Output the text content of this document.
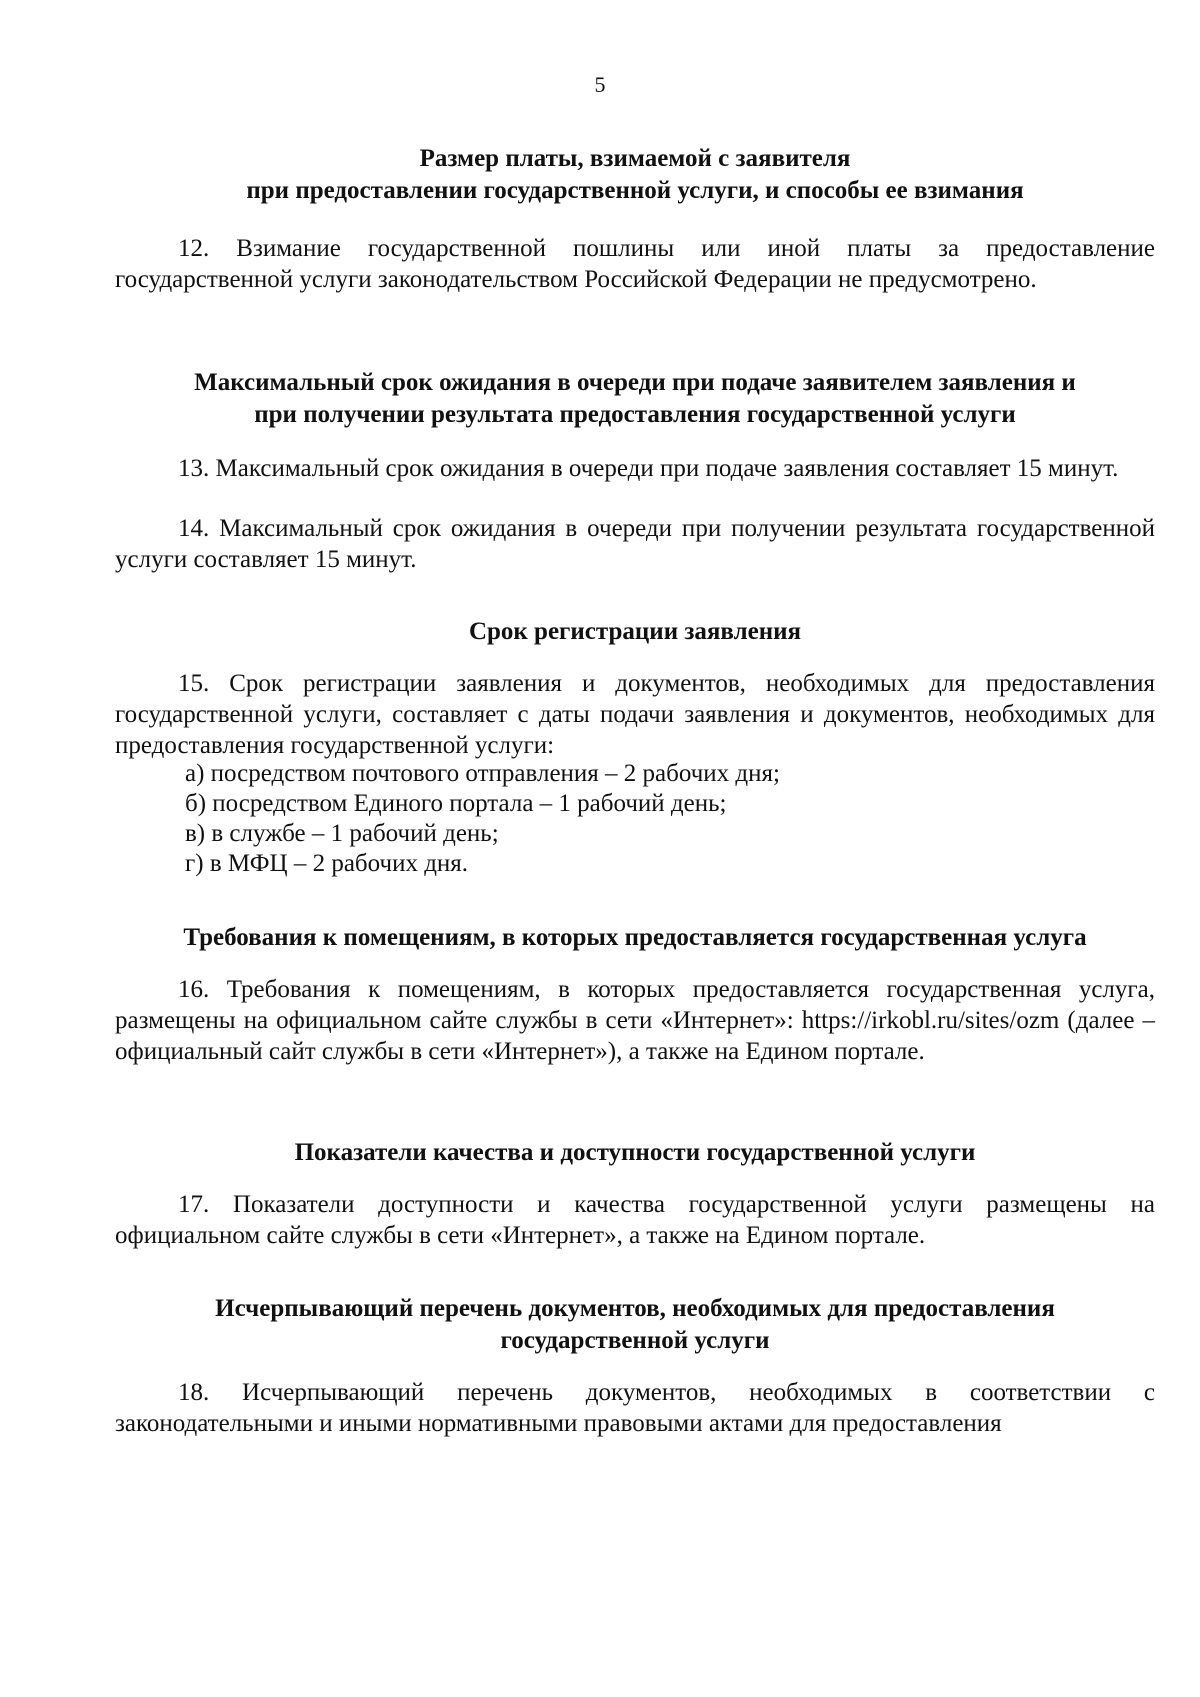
5
Размер платы, взимаемой с заявителя
при предоставлении государственной услуги, и способы ее взимания

12. Взимание государственной пошлины или иной платы за предоставление государственной услуги законодательством Российской Федерации не предусмотрено.

Максимальный срок ожидания в очереди при подаче заявителем заявления и
при получении результата предоставления государственной услуги

13. Максимальный срок ожидания в очереди при подаче заявления составляет 15 минут.

14. Максимальный срок ожидания в очереди при получении результата государственной услуги составляет 15 минут.

Срок регистрации заявления

15. Срок регистрации заявления и документов, необходимых для предоставления государственной услуги, составляет с даты подачи заявления и документов, необходимых для предоставления государственной услуги:

а) посредством почтового отправления – 2 рабочих дня;

б) посредством Единого портала – 1 рабочий день;

в) в службе – 1 рабочий день;

г) в МФЦ – 2 рабочих дня.

Требования к помещениям, в которых предоставляется государственная услуга

16. Требования к помещениям, в которых предоставляется государственная услуга, размещены на официальном сайте службы в сети «Интернет»: https://irkobl.ru/sites/ozm (далее – официальный сайт службы в сети «Интернет»), а также на Едином портале.

Показатели качества и доступности государственной услуги

17. Показатели доступности и качества государственной услуги размещены на официальном сайте службы в сети «Интернет», а также на Едином портале.

Исчерпывающий перечень документов, необходимых для предоставления
государственной услуги

18. Исчерпывающий перечень документов, необходимых в соответствии с законодательными и иными нормативными правовыми актами для предоставления
